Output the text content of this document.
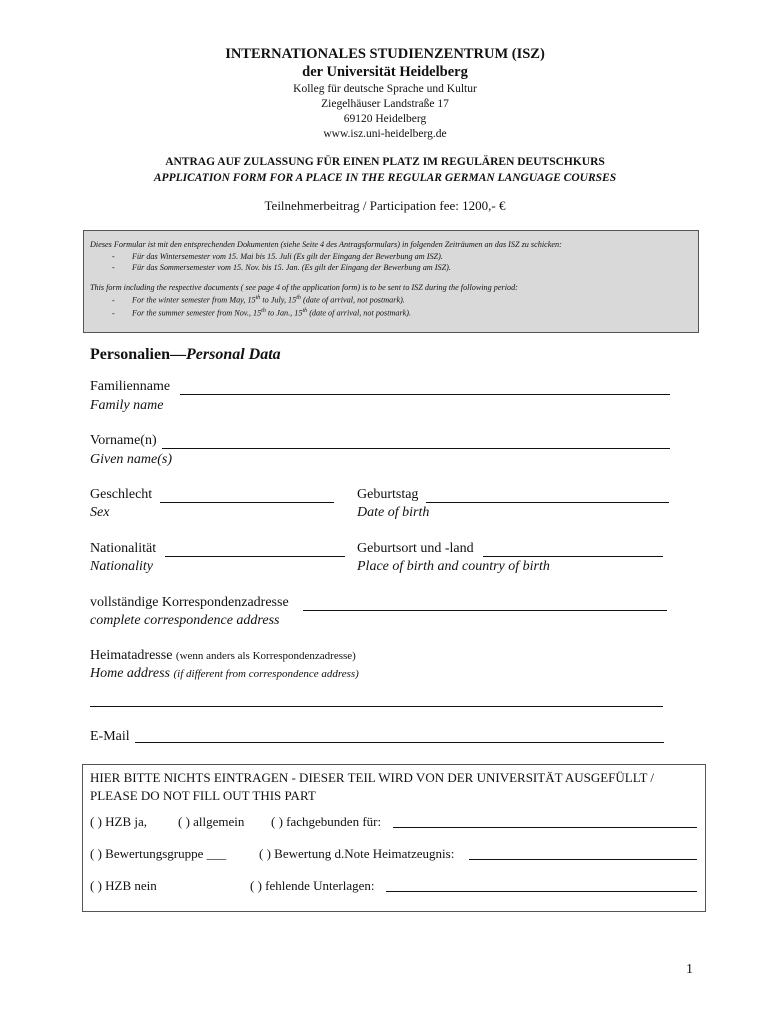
INTERNATIONALES STUDIENZENTRUM (ISZ)
der Universität Heidelberg
Kolleg für deutsche Sprache und Kultur
Ziegelhäuser Landstraße 17
69120 Heidelberg
www.isz.uni-heidelberg.de
ANTRAG AUF ZULASSUNG FÜR EINEN PLATZ IM REGULÄREN DEUTSCHKURS
APPLICATION FORM FOR A PLACE IN THE REGULAR GERMAN LANGUAGE COURSES
Teilnehmerbeitrag / Participation fee: 1200,- €
Dieses Formular ist mit den entsprechenden Dokumenten (siehe Seite 4 des Antragsformulars) in folgenden Zeiträumen an das ISZ zu schicken:
- Für das Wintersemester vom 15. Mai bis 15. Juli (Es gilt der Eingang der Bewerbung am ISZ).
- Für das Sommersemester vom 15. Nov. bis 15. Jan. (Es gilt der Eingang der Bewerbung am ISZ).
This form including the respective documents ( see page 4 of the application form) is to be sent to ISZ during the following period:
- For the winter semester from May, 15th to July, 15th (date of arrival, not postmark).
- For the summer semester from Nov., 15th to Jan., 15th (date of arrival, not postmark).
Personalien—Personal Data
Familienname
Family name
Vorname(n)
Given name(s)
Geschlecht
Sex
Geburtstag
Date of birth
Nationalität
Nationality
Geburtsort und -land
Place of birth and country of birth
vollständige Korrespondenzadresse
complete correspondence address
Heimatadresse (wenn anders als Korrespondenzadresse)
Home address (if different from correspondence address)
E-Mail
HIER BITTE NICHTS EINTRAGEN - DIESER TEIL WIRD VON DER UNIVERSITÄT AUSGEFÜLLT /
PLEASE DO NOT FILL OUT THIS PART
( ) HZB ja, ( ) allgemein ( ) fachgebunden für:
( ) Bewertungsgruppe ___	( ) Bewertung d.Note Heimatzeugnis:
( ) HZB nein	( ) fehlende Unterlagen:
1
